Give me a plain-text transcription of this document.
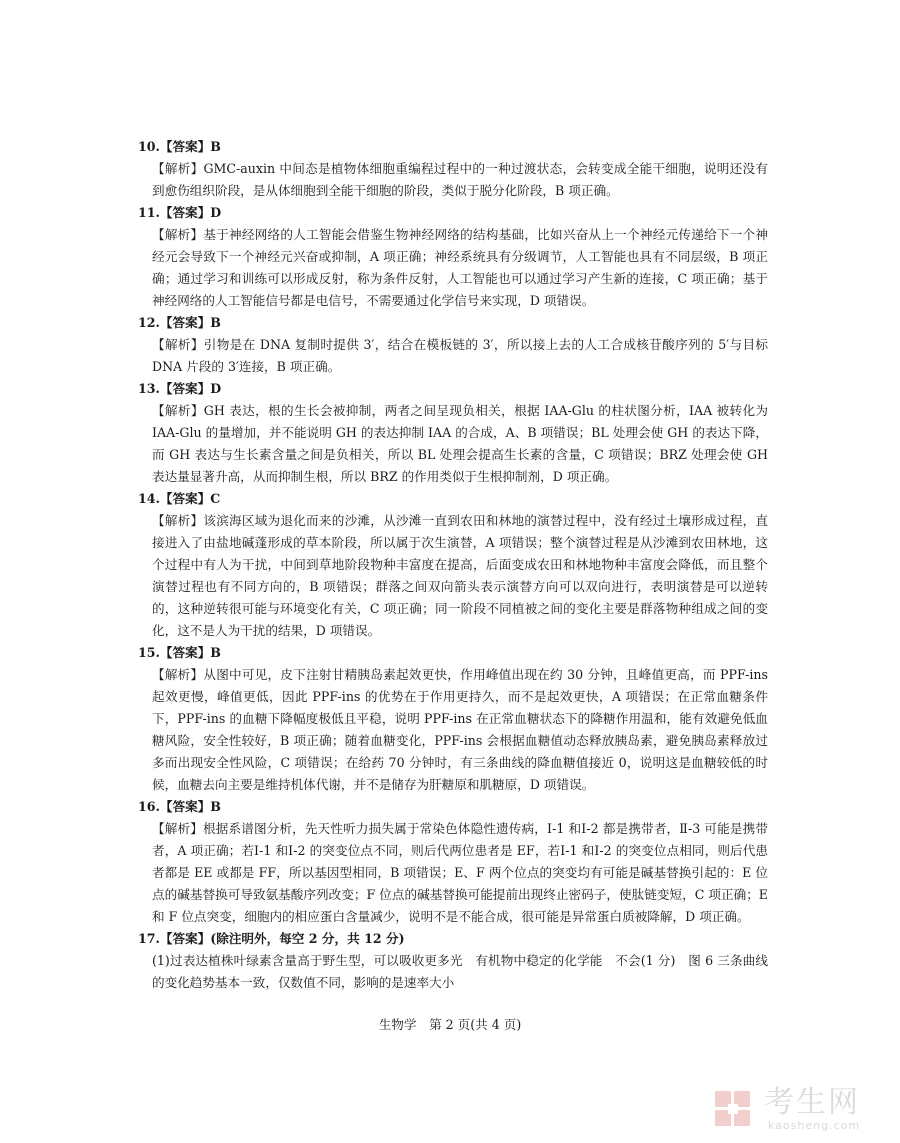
10.【答案】B
【解析】GMC-auxin 中间态是植物体细胞重编程过程中的一种过渡状态，会转变成全能干细胞，说明还没有到愈伤组织阶段，是从体细胞到全能干细胞的阶段，类似于脱分化阶段，B 项正确。
11.【答案】D
【解析】基于神经网络的人工智能会借鉴生物神经网络的结构基础，比如兴奋从上一个神经元传递给下一个神经元会导致下一个神经元兴奋或抑制，A 项正确；神经系统具有分级调节，人工智能也具有不同层级，B 项正确；通过学习和训练可以形成反射，称为条件反射，人工智能也可以通过学习产生新的连接，C 项正确；基于神经网络的人工智能信号都是电信号，不需要通过化学信号来实现，D 项错误。
12.【答案】B
【解析】引物是在 DNA 复制时提供 3′，结合在模板链的 3′，所以接上去的人工合成核苷酸序列的 5′与目标 DNA 片段的 3′连接，B 项正确。
13.【答案】D
【解析】GH 表达，根的生长会被抑制，两者之间呈现负相关，根据 IAA-Glu 的柱状图分析，IAA 被转化为 IAA-Glu 的量增加，并不能说明 GH 的表达抑制 IAA 的合成，A、B 项错误；BL 处理会使 GH 的表达下降，而 GH 表达与生长素含量之间是负相关，所以 BL 处理会提高生长素的含量，C 项错误；BRZ 处理会使 GH 表达量显著升高，从而抑制生根，所以 BRZ 的作用类似于生根抑制剂，D 项正确。
14.【答案】C
【解析】该滨海区域为退化而来的沙滩，从沙滩一直到农田和林地的演替过程中，没有经过土壤形成过程，直接进入了由盐地碱蓬形成的草本阶段，所以属于次生演替，A 项错误；整个演替过程是从沙滩到农田林地，这个过程中有人为干扰，中间到草地阶段物种丰富度在提高，后面变成农田和林地物种丰富度会降低，而且整个演替过程也有不同方向的，B 项错误；群落之间双向箭头表示演替方向可以双向进行，表明演替是可以逆转的，这种逆转很可能与环境变化有关，C 项正确；同一阶段不同植被之间的变化主要是群落物种组成之间的变化，这不是人为干扰的结果，D 项错误。
15.【答案】B
【解析】从图中可见，皮下注射甘精胰岛素起效更快，作用峰值出现在约 30 分钟，且峰值更高，而 PPF-ins 起效更慢，峰值更低，因此 PPF-ins 的优势在于作用更持久，而不是起效更快，A 项错误；在正常血糖条件下，PPF-ins 的血糖下降幅度极低且平稳，说明 PPF-ins 在正常血糖状态下的降糖作用温和，能有效避免低血糖风险，安全性较好，B 项正确；随着血糖变化，PPF-ins 会根据血糖值动态释放胰岛素，避免胰岛素释放过多而出现安全性风险，C 项错误；在给药 70 分钟时，有三条曲线的降血糖值接近 0，说明这是血糖较低的时候，血糖去向主要是维持机体代谢，并不是储存为肝糖原和肌糖原，D 项错误。
16.【答案】B
【解析】根据系谱图分析，先天性听力损失属于常染色体隐性遗传病，Ⅰ-1 和Ⅰ-2 都是携带者，Ⅱ-3 可能是携带者，A 项正确；若Ⅰ-1 和Ⅰ-2 的突变位点不同，则后代两位患者是 EF，若Ⅰ-1 和Ⅰ-2 的突变位点相同，则后代患者都是 EE 或都是 FF，所以基因型相同，B 项错误；E、F 两个位点的突变均有可能是碱基替换引起的：E 位点的碱基替换可导致氨基酸序列改变；F 位点的碱基替换可能提前出现终止密码子，使肽链变短，C 项正确；E 和 F 位点突变，细胞内的相应蛋白含量减少，说明不是不能合成，很可能是异常蛋白质被降解，D 项正确。
17.【答案】(除注明外，每空 2 分，共 12 分)
(1)过表达植株叶绿素含量高于野生型，可以吸收更多光　有机物中稳定的化学能　不会(1 分)　图 6 三条曲线的变化趋势基本一致，仅数值不同，影响的是速率大小
生物学　第 2 页(共 4 页)
考生网
kaosheng.com
